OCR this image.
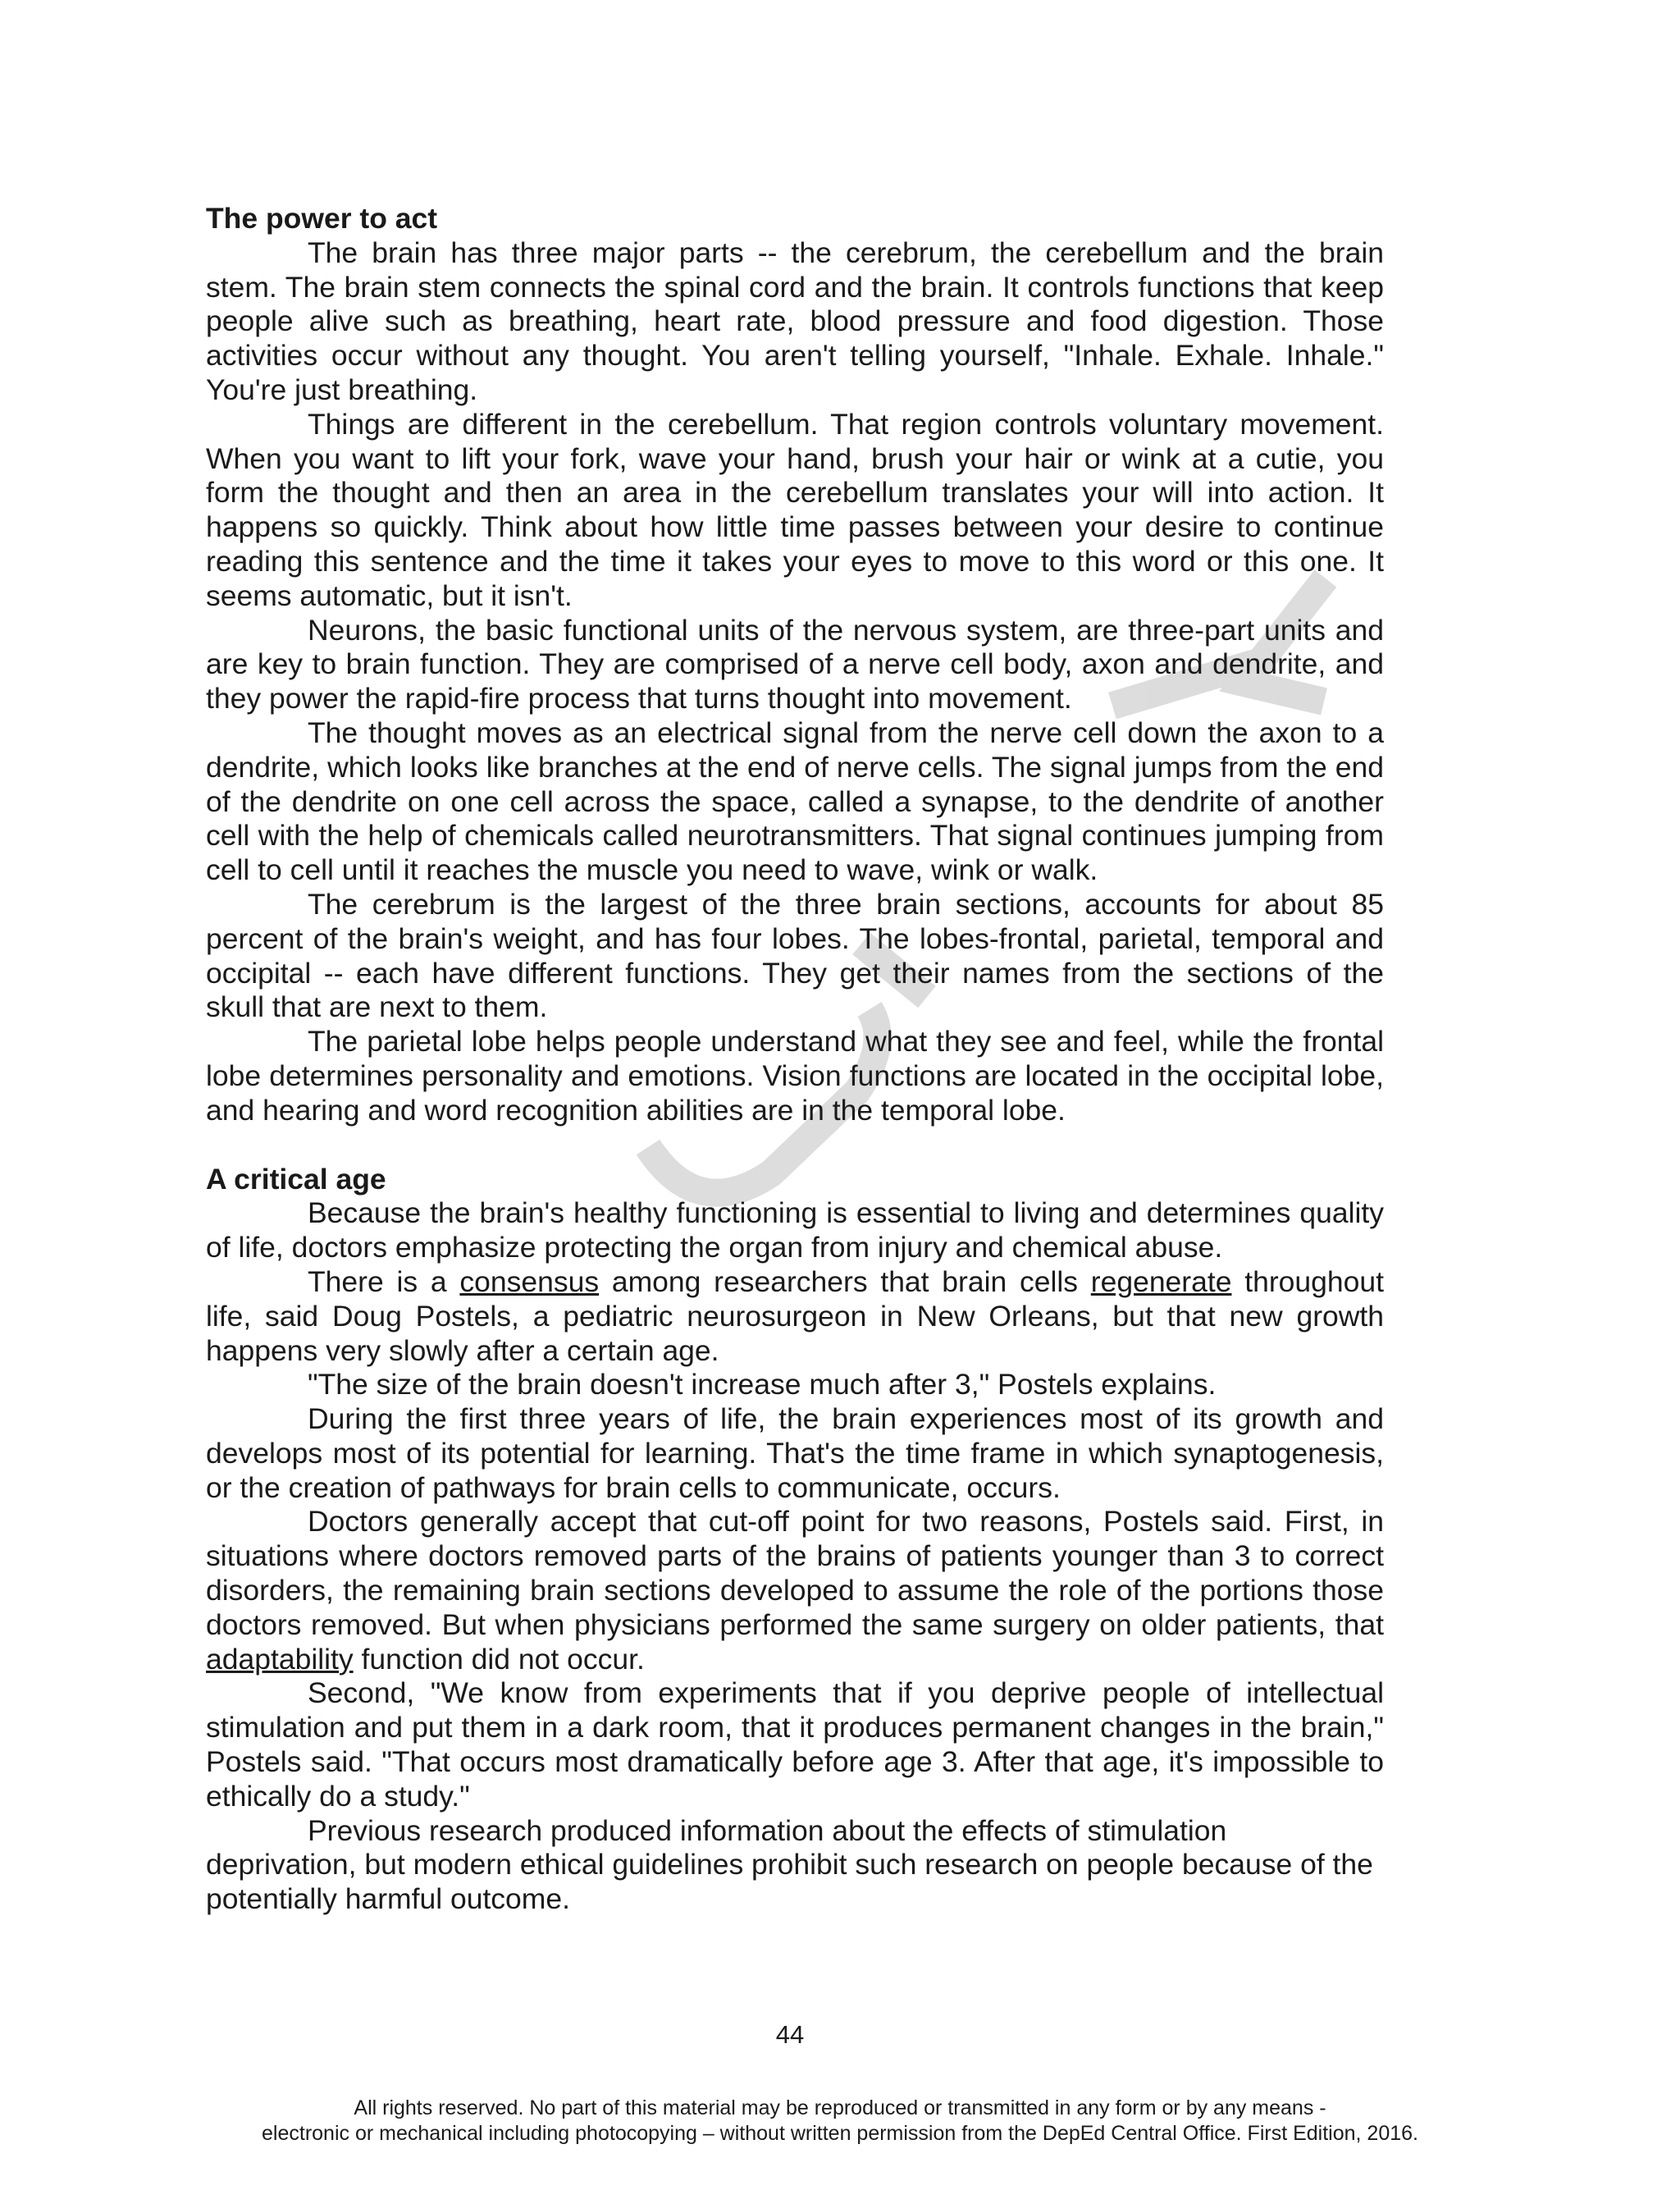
The power to act

The brain has three major parts -- the cerebrum, the cerebellum and the brain stem. The brain stem connects the spinal cord and the brain. It controls functions that keep people alive such as breathing, heart rate, blood pressure and food digestion. Those activities occur without any thought. You aren't telling yourself, "Inhale. Exhale. Inhale." You're just breathing.

Things are different in the cerebellum. That region controls voluntary movement. When you want to lift your fork, wave your hand, brush your hair or wink at a cutie, you form the thought and then an area in the cerebellum translates your will into action. It happens so quickly. Think about how little time passes between your desire to continue reading this sentence and the time it takes your eyes to move to this word or this one. It seems automatic, but it isn't.

Neurons, the basic functional units of the nervous system, are three-part units and are key to brain function. They are comprised of a nerve cell body, axon and dendrite, and they power the rapid-fire process that turns thought into movement.

The thought moves as an electrical signal from the nerve cell down the axon to a dendrite, which looks like branches at the end of nerve cells. The signal jumps from the end of the dendrite on one cell across the space, called a synapse, to the dendrite of another cell with the help of chemicals called neurotransmitters. That signal continues jumping from cell to cell until it reaches the muscle you need to wave, wink or walk.

The cerebrum is the largest of the three brain sections, accounts for about 85 percent of the brain's weight, and has four lobes. The lobes-frontal, parietal, temporal and occipital -- each have different functions. They get their names from the sections of the skull that are next to them.

The parietal lobe helps people understand what they see and feel, while the frontal lobe determines personality and emotions. Vision functions are located in the occipital lobe, and hearing and word recognition abilities are in the temporal lobe.

A critical age

Because the brain's healthy functioning is essential to living and determines quality of life, doctors emphasize protecting the organ from injury and chemical abuse.

There is a consensus among researchers that brain cells regenerate throughout life, said Doug Postels, a pediatric neurosurgeon in New Orleans, but that new growth happens very slowly after a certain age.

"The size of the brain doesn't increase much after 3," Postels explains.

During the first three years of life, the brain experiences most of its growth and develops most of its potential for learning. That's the time frame in which synaptogenesis, or the creation of pathways for brain cells to communicate, occurs.

Doctors generally accept that cut-off point for two reasons, Postels said. First, in situations where doctors removed parts of the brains of patients younger than 3 to correct disorders, the remaining brain sections developed to assume the role of the portions those doctors removed. But when physicians performed the same surgery on older patients, that adaptability function did not occur.

Second, "We know from experiments that if you deprive people of intellectual stimulation and put them in a dark room, that it produces permanent changes in the brain," Postels said. "That occurs most dramatically before age 3. After that age, it's impossible to ethically do a study."

Previous research produced information about the effects of stimulation deprivation, but modern ethical guidelines prohibit such research on people because of the potentially harmful outcome.

44
All rights reserved. No part of this material may be reproduced or transmitted in any form or by any means -
electronic or mechanical including photocopying – without written permission from the DepEd Central Office. First Edition, 2016.
